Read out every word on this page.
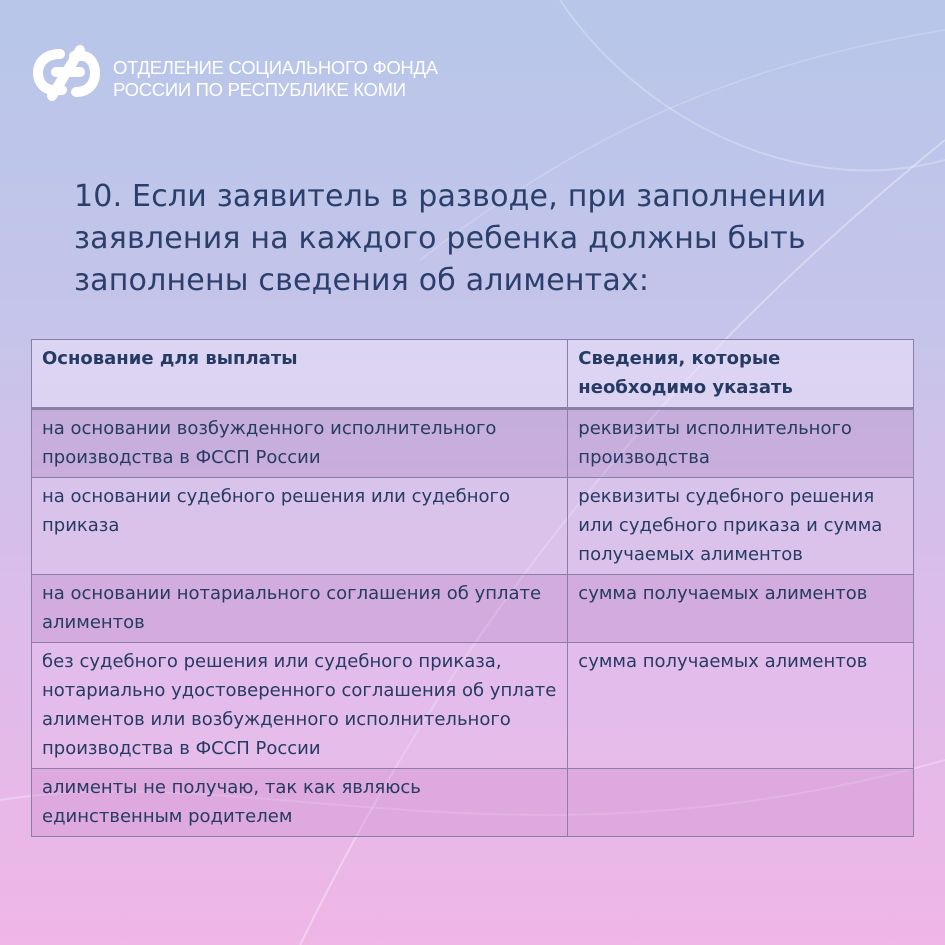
ОТДЕЛЕНИЕ СОЦИАЛЬНОГО ФОНДА
РОССИИ ПО РЕСПУБЛИКЕ КОМИ
10. Если заявитель в разводе, при заполнении
заявления на каждого ребенка должны быть
заполнены сведения об алиментах:
Основание для выплаты	Сведения, которые необходимо указать
на основании возбужденного исполнительного производства в ФССП России	реквизиты исполнительного производства
на основании судебного решения или судебного приказа	реквизиты судебного решения или судебного приказа и сумма получаемых алиментов
на основании нотариального соглашения об уплате алиментов	сумма получаемых алиментов
без судебного решения или судебного приказа, нотариально удостоверенного соглашения об уплате алиментов или возбужденного исполнительного производства в ФССП России	сумма получаемых алиментов
алименты не получаю, так как являюсь единственным родителем	
